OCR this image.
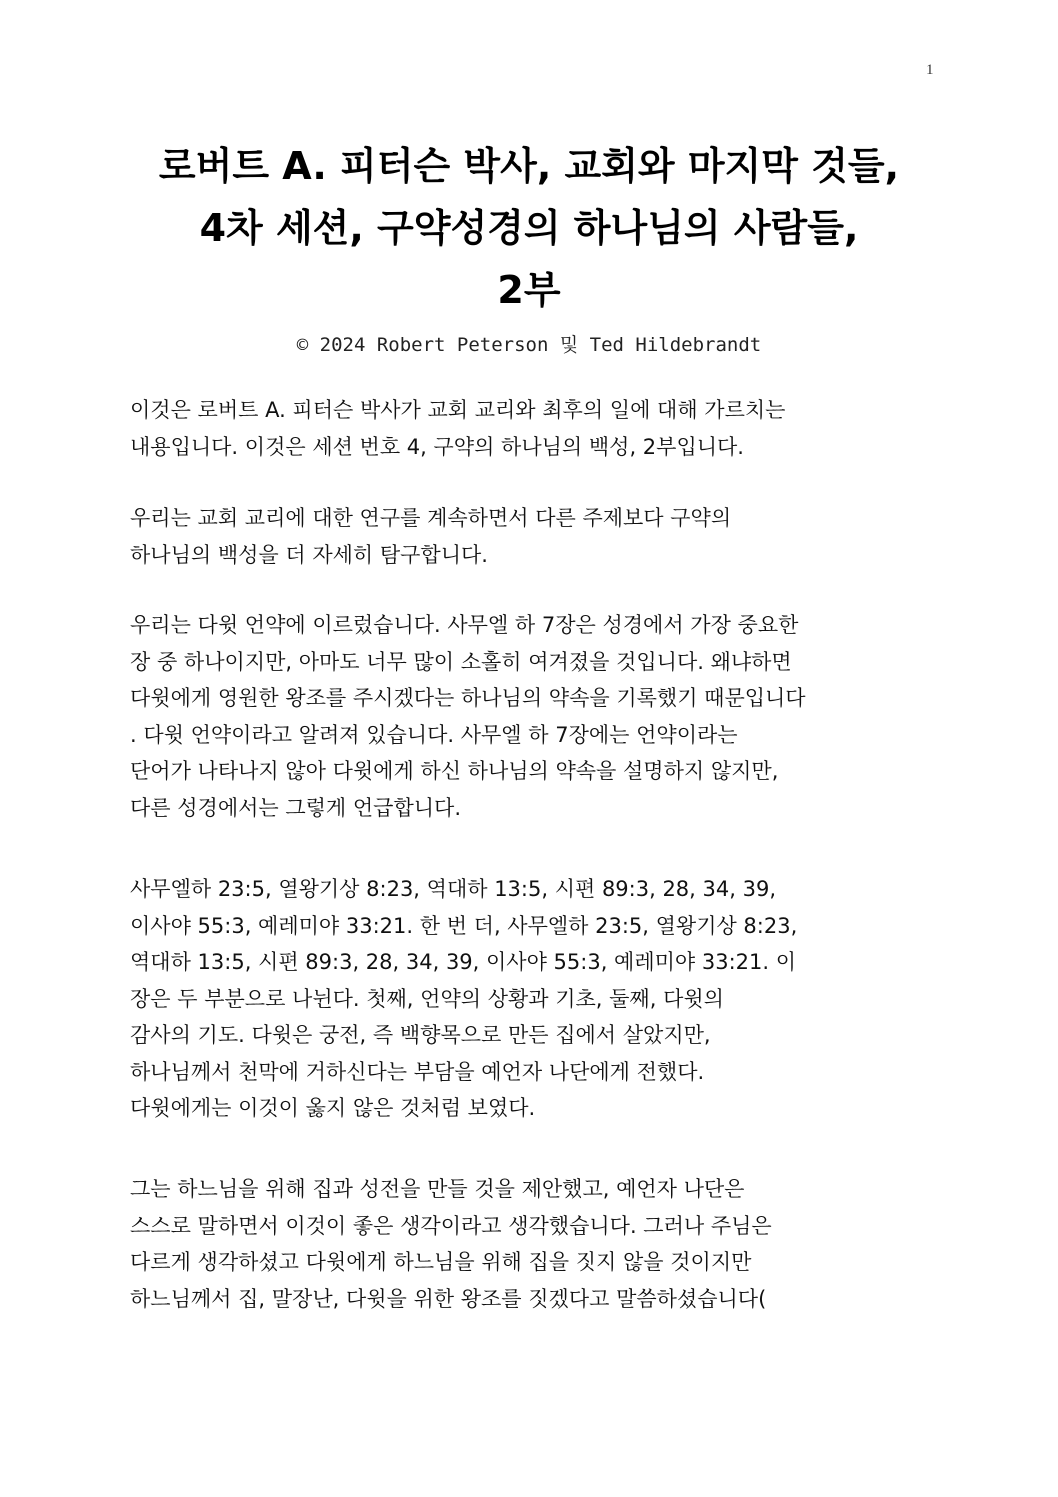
1
로버트 A. 피터슨 박사, 교회와 마지막 것들,
4차 세션, 구약성경의 하나님의 사람들,
2부
© 2024 Robert Peterson 및 Ted Hildebrandt

이것은 로버트 A. 피터슨 박사가 교회 교리와 최후의 일에 대해 가르치는
내용입니다. 이것은 세션 번호 4, 구약의 하나님의 백성, 2부입니다.

우리는 교회 교리에 대한 연구를 계속하면서 다른 주제보다 구약의
하나님의 백성을 더 자세히 탐구합니다.

우리는 다윗 언약에 이르렀습니다. 사무엘 하 7장은 성경에서 가장 중요한
장 중 하나이지만, 아마도 너무 많이 소홀히 여겨졌을 것입니다. 왜냐하면
다윗에게 영원한 왕조를 주시겠다는 하나님의 약속을 기록했기 때문입니다
. 다윗 언약이라고 알려져 있습니다. 사무엘 하 7장에는 언약이라는
단어가 나타나지 않아 다윗에게 하신 하나님의 약속을 설명하지 않지만,
다른 성경에서는 그렇게 언급합니다.

사무엘하 23:5, 열왕기상 8:23, 역대하 13:5, 시편 89:3, 28, 34, 39,
이사야 55:3, 예레미야 33:21. 한 번 더, 사무엘하 23:5, 열왕기상 8:23,
역대하 13:5, 시편 89:3, 28, 34, 39, 이사야 55:3, 예레미야 33:21. 이
장은 두 부분으로 나뉜다. 첫째, 언약의 상황과 기초, 둘째, 다윗의
감사의 기도. 다윗은 궁전, 즉 백향목으로 만든 집에서 살았지만,
하나님께서 천막에 거하신다는 부담을 예언자 나단에게 전했다.
다윗에게는 이것이 옳지 않은 것처럼 보였다.

그는 하느님을 위해 집과 성전을 만들 것을 제안했고, 예언자 나단은
스스로 말하면서 이것이 좋은 생각이라고 생각했습니다. 그러나 주님은
다르게 생각하셨고 다윗에게 하느님을 위해 집을 짓지 않을 것이지만
하느님께서 집, 말장난, 다윗을 위한 왕조를 짓겠다고 말씀하셨습니다(
